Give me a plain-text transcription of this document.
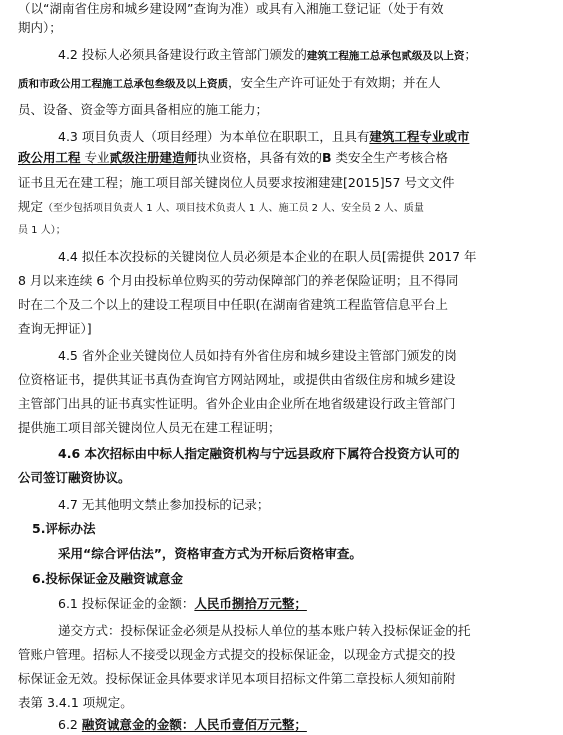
（以“湖南省住房和城乡建设网”查询为准）或具有入湘施工登记证（处于有效
期内）；
4.2 投标人必须具备建设行政主管部门颁发的建筑工程施工总承包贰级及以上资；
质和市政公用工程施工总承包叁级及以上资质，安全生产许可证处于有效期；并在人
员、设备、资金等方面具备相应的施工能力；
4.3 项目负责人（项目经理）为本单位在职职工，且具有建筑工程专业或市
政公用工程 专业贰级注册建造师执业资格，具备有效的B 类安全生产考核合格
证书且无在建工程；施工项目部关键岗位人员要求按湘建建[2015]57 号文文件
规定（至少包括项目负责人 1 人、项目技术负责人 1 人、施工员 2 人、安全员 2 人、质量
员 1 人）；
4.4 拟任本次投标的关键岗位人员必须是本企业的在职人员[需提供 2017 年
8 月以来连续 6 个月由投标单位购买的劳动保障部门的养老保险证明；且不得同
时在二个及二个以上的建设工程项目中任职(在湖南省建筑工程监管信息平台上
查询无押证）]
4.5 省外企业关键岗位人员如持有外省住房和城乡建设主管部门颁发的岗
位资格证书，提供其证书真伪查询官方网站网址，或提供由省级住房和城乡建设
主管部门出具的证书真实性证明。省外企业由企业所在地省级建设行政主管部门
提供施工项目部关键岗位人员无在建工程证明；
4.6 本次招标由中标人指定融资机构与宁远县政府下属符合投资方认可的
公司签订融资协议。
4.7 无其他明文禁止参加投标的记录；
5.评标办法
采用“综合评估法”，资格审查方式为开标后资格审查。
6.投标保证金及融资诚意金
6.1 投标保证金的金额：人民币捌拾万元整；
递交方式：投标保证金必须是从投标人单位的基本账户转入投标保证金的托
管账户管理。招标人不接受以现金方式提交的投标保证金，以现金方式提交的投
标保证金无效。投标保证金具体要求详见本项目招标文件第二章投标人须知前附
表第 3.4.1 项规定。
6.2 融资诚意金的金额：人民币壹佰万元整；
